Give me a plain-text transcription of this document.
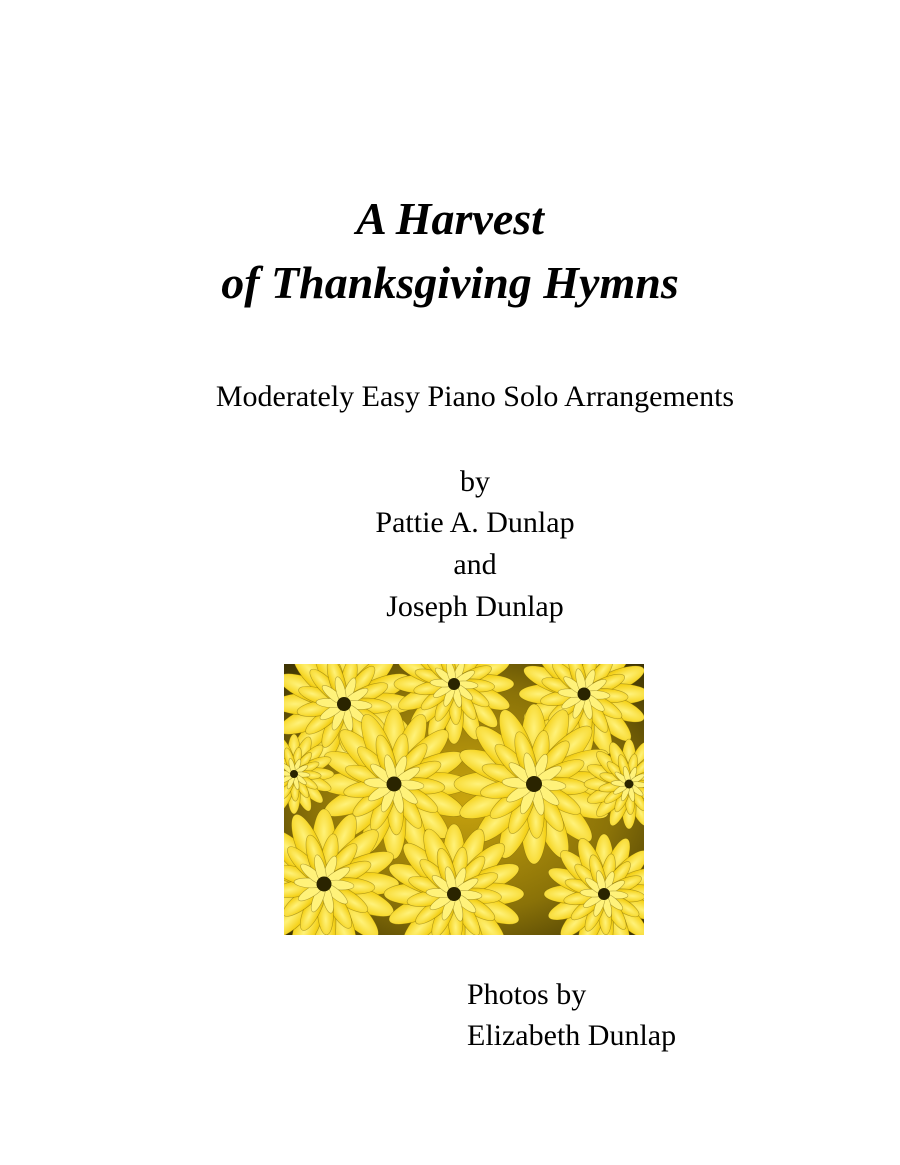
A Harvest
of Thanksgiving Hymns

Moderately Easy Piano Solo Arrangements

by

Pattie A. Dunlap

and

Joseph Dunlap

Photos by

Elizabeth Dunlap
